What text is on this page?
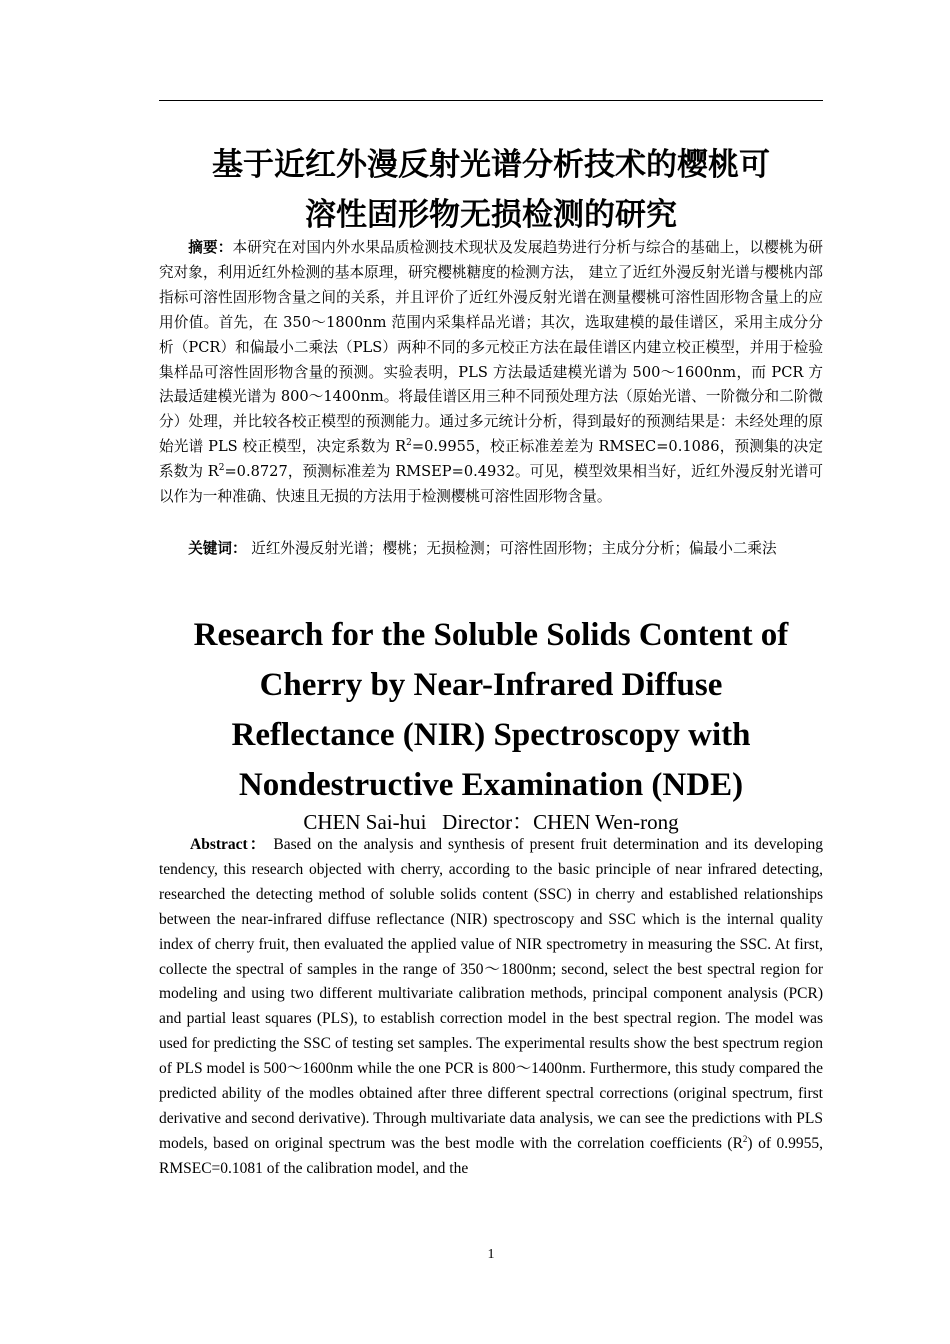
基于近红外漫反射光谱分析技术的樱桃可
溶性固形物无损检测的研究

摘要：本研究在对国内外水果品质检测技术现状及发展趋势进行分析与综合的基础上，以樱桃为研究对象，利用近红外检测的基本原理，研究樱桃糖度的检测方法， 建立了近红外漫反射光谱与樱桃内部指标可溶性固形物含量之间的关系，并且评价了近红外漫反射光谱在测量樱桃可溶性固形物含量上的应用价值。首先，在 350～1800nm 范围内采集样品光谱；其次，选取建模的最佳谱区，采用主成分分析（PCR）和偏最小二乘法（PLS）两种不同的多元校正方法在最佳谱区内建立校正模型，并用于检验集样品可溶性固形物含量的预测。实验表明，PLS 方法最适建模光谱为 500～1600nm，而 PCR 方法最适建模光谱为 800～1400nm。将最佳谱区用三种不同预处理方法（原始光谱、一阶微分和二阶微分）处理，并比较各校正模型的预测能力。通过多元统计分析，得到最好的预测结果是：未经处理的原始光谱 PLS 校正模型，决定系数为 $R^2=0.9955$，校正标准差差为 RMSEC=0.1086，预测集的决定系数为 $R^2=0.8727$，预测标准差为 RMSEP=0.4932。可见，模型效果相当好，近红外漫反射光谱可以作为一种准确、快速且无损的方法用于检测樱桃可溶性固形物含量。

关键词： 近红外漫反射光谱；樱桃；无损检测；可溶性固形物；主成分分析；偏最小二乘法

Research for the Soluble Solids Content of
Cherry by Near-Infrared Diffuse
Reflectance (NIR) Spectroscopy with
Nondestructive Examination (NDE)
CHEN Sai-hui   Director：CHEN Wen-rong

Abstract： Based on the analysis and synthesis of present fruit determination and its developing tendency, this research objected with cherry, according to the basic principle of near infrared detecting, researched the detecting method of soluble solids content (SSC) in cherry and established relationships between the near-infrared diffuse reflectance (NIR) spectroscopy and SSC which is the internal quality index of cherry fruit, then evaluated the applied value of NIR spectrometry in measuring the SSC. At first, collecte the spectral of samples in the range of 350～1800nm; second, select the best spectral region for modeling and using two different multivariate calibration methods, principal component analysis (PCR) and partial least squares (PLS), to establish correction model in the best spectral region. The model was used for predicting the SSC of testing set samples. The experimental results show the best spectrum region of PLS model is 500～1600nm while the one PCR is 800～1400nm. Furthermore, this study compared the predicted ability of the modles obtained after three different spectral corrections (original spectrum, first derivative and second derivative). Through multivariate data analysis, we can see the predictions with PLS models, based on original spectrum was the best modle with the correlation coefficients $(R^2)$ of 0.9955, RMSEC=0.1081 of the calibration model, and the

1
